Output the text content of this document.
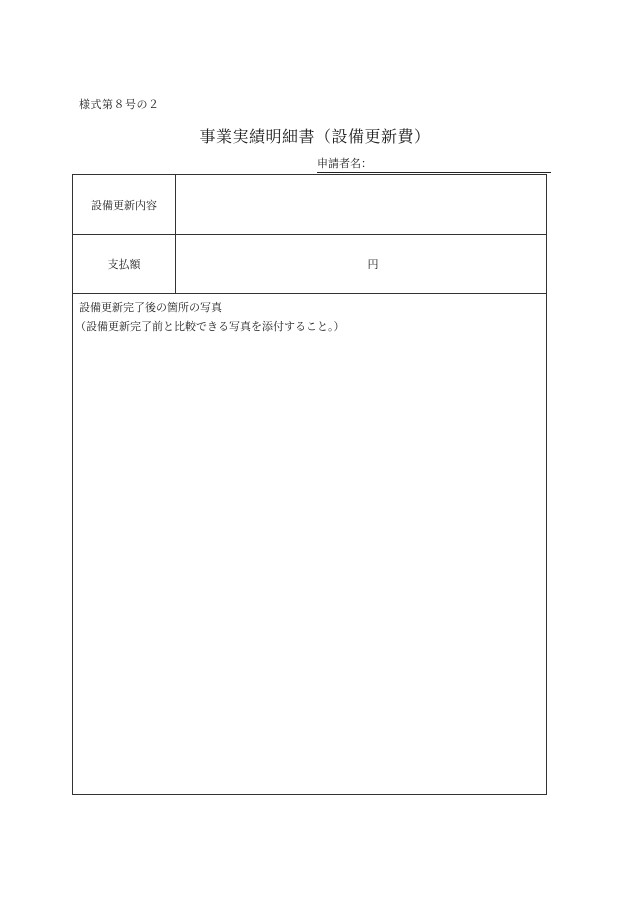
様式第８号の２
事業実績明細書（設備更新費）
申請者名：
設備更新内容
支払額	円
設備更新完了後の箇所の写真
（設備更新完了前と比較できる写真を添付すること。）
